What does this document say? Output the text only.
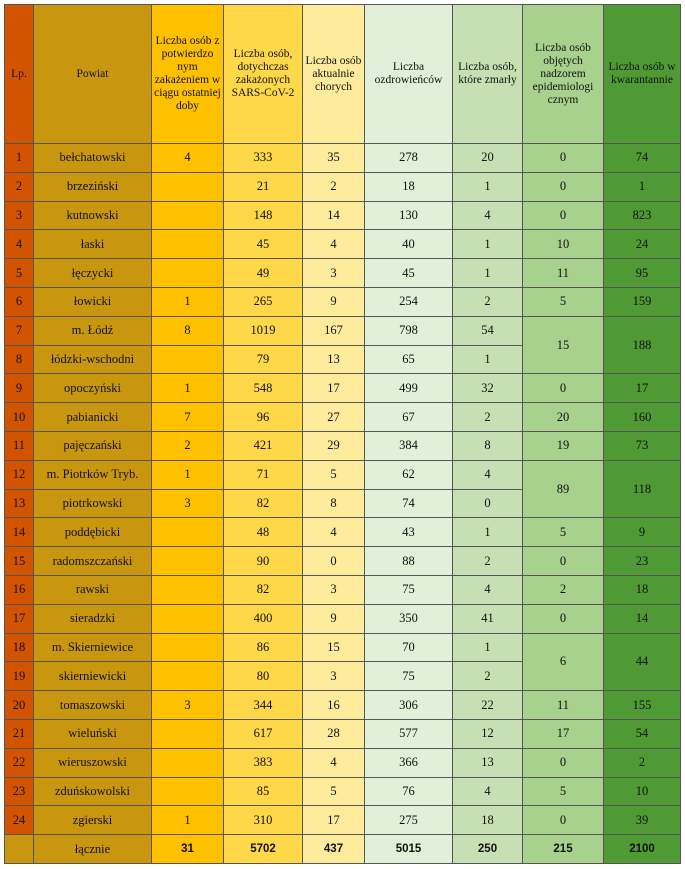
Lp.	Powiat	Liczba osób z potwierdzo nym zakażeniem w ciągu ostatniej doby	Liczba osób, dotychczas zakażonych SARS-CoV-2	Liczba osób aktualnie chorych	Liczba ozdrowieńców	Liczba osób, które zmarły	Liczba osób objętych nadzorem epidemiologi cznym	Liczba osób w kwarantannie
1	bełchatowski	4	333	35	278	20	0	74
2	brzeziński		21	2	18	1	0	1
3	kutnowski		148	14	130	4	0	823
4	łaski		45	4	40	1	10	24
5	łęczycki		49	3	45	1	11	95
6	łowicki	1	265	9	254	2	5	159
7	m. Łódź	8	1019	167	798	54	15	188
8	łódzki-wschodni		79	13	65	1		
9	opoczyński	1	548	17	499	32	0	17
10	pabianicki	7	96	27	67	2	20	160
11	pajęczański	2	421	29	384	8	19	73
12	m. Piotrków Tryb.	1	71	5	62	4	89	118
13	piotrkowski	3	82	8	74	0		
14	poddębicki		48	4	43	1	5	9
15	radomszczański		90	0	88	2	0	23
16	rawski		82	3	75	4	2	18
17	sieradzki		400	9	350	41	0	14
18	m. Skierniewice		86	15	70	1	6	44
19	skierniewicki		80	3	75	2		
20	tomaszowski	3	344	16	306	22	11	155
21	wieluński		617	28	577	12	17	54
22	wieruszowski		383	4	366	13	0	2
23	zduńskowolski		85	5	76	4	5	10
24	zgierski	1	310	17	275	18	0	39
	łącznie	31	5702	437	5015	250	215	2100
